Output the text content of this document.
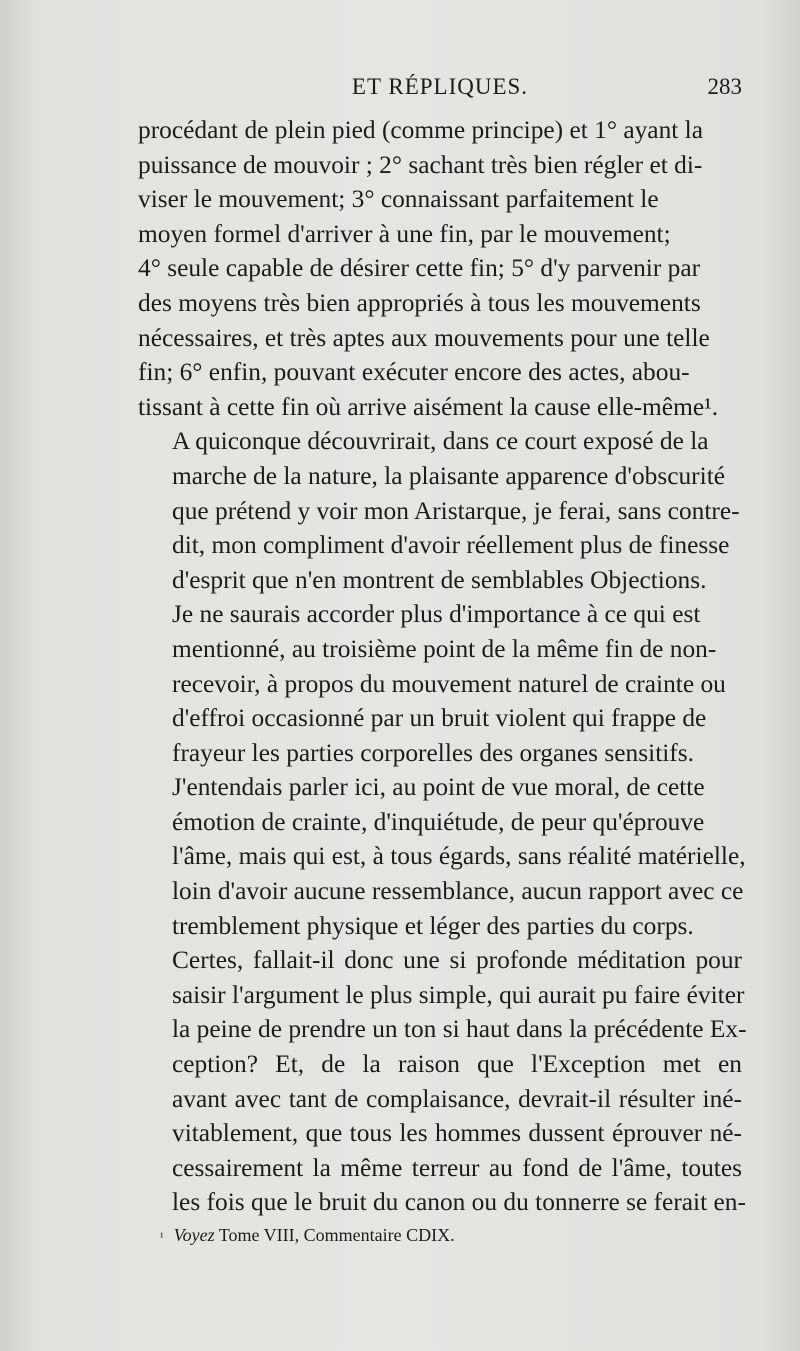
ET RÉPLIQUES.	283

procédant de plein pied (comme principe) et 1° ayant la
puissance de mouvoir ; 2° sachant très bien régler et di-
viser le mouvement; 3° connaissant parfaitement le
moyen formel d'arriver à une fin, par le mouvement;
4° seule capable de désirer cette fin; 5° d'y parvenir par
des moyens très bien appropriés à tous les mouvements
nécessaires, et très aptes aux mouvements pour une telle
fin; 6° enfin, pouvant exécuter encore des actes, abou-
tissant à cette fin où arrive aisément la cause elle-même¹.

A quiconque découvrirait, dans ce court exposé de la
marche de la nature, la plaisante apparence d'obscurité
que prétend y voir mon Aristarque, je ferai, sans contre-
dit, mon compliment d'avoir réellement plus de finesse
d'esprit que n'en montrent de semblables Objections.

Je ne saurais accorder plus d'importance à ce qui est
mentionné, au troisième point de la même fin de non-
recevoir, à propos du mouvement naturel de crainte ou
d'effroi occasionné par un bruit violent qui frappe de
frayeur les parties corporelles des organes sensitifs.

J'entendais parler ici, au point de vue moral, de cette
émotion de crainte, d'inquiétude, de peur qu'éprouve
l'âme, mais qui est, à tous égards, sans réalité matérielle,
loin d'avoir aucune ressemblance, aucun rapport avec ce
tremblement physique et léger des parties du corps.

Certes, fallait-il donc une si profonde méditation pour
saisir l'argument le plus simple, qui aurait pu faire éviter
la peine de prendre un ton si haut dans la précédente Ex-
ception? Et, de la raison que l'Exception met en
avant avec tant de complaisance, devrait-il résulter iné-
vitablement, que tous les hommes dussent éprouver né-
cessairement la même terreur au fond de l'âme, toutes
les fois que le bruit du canon ou du tonnerre se ferait en-

¹ Voyez Tome VIII, Commentaire CDIX.
